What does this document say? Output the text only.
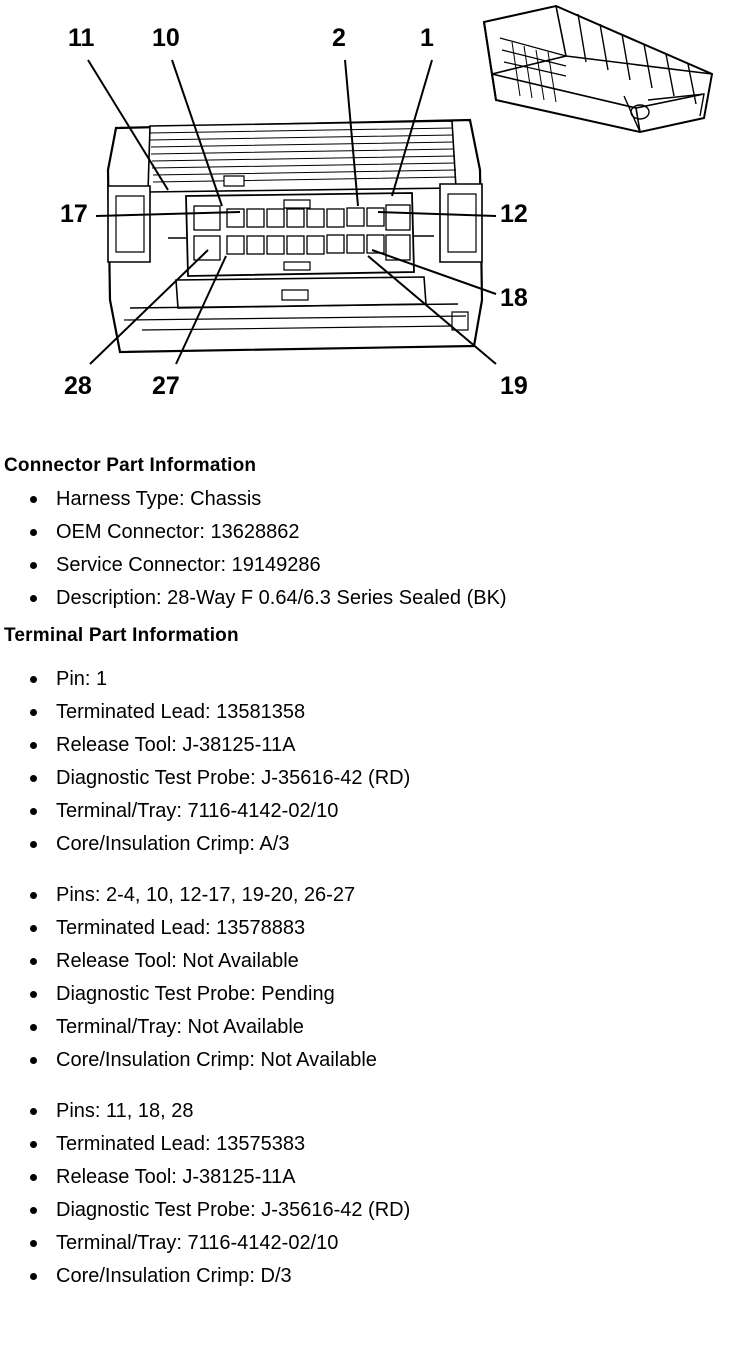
11 10	2	1
17	12
18
28 27	19
Connector Part Information
Harness Type: Chassis
OEM Connector: 13628862
Service Connector: 19149286
Description: 28-Way F 0.64/6.3 Series Sealed (BK)
Terminal Part Information
Pin: 1
Terminated Lead: 13581358
Release Tool: J-38125-11A
Diagnostic Test Probe: J-35616-42 (RD)
Terminal/Tray: 7116-4142-02/10
Core/Insulation Crimp: A/3
Pins: 2-4, 10, 12-17, 19-20, 26-27
Terminated Lead: 13578883
Release Tool: Not Available
Diagnostic Test Probe: Pending
Terminal/Tray: Not Available
Core/Insulation Crimp: Not Available
Pins: 11, 18, 28
Terminated Lead: 13575383
Release Tool: J-38125-11A
Diagnostic Test Probe: J-35616-42 (RD)
Terminal/Tray: 7116-4142-02/10
Core/Insulation Crimp: D/3
